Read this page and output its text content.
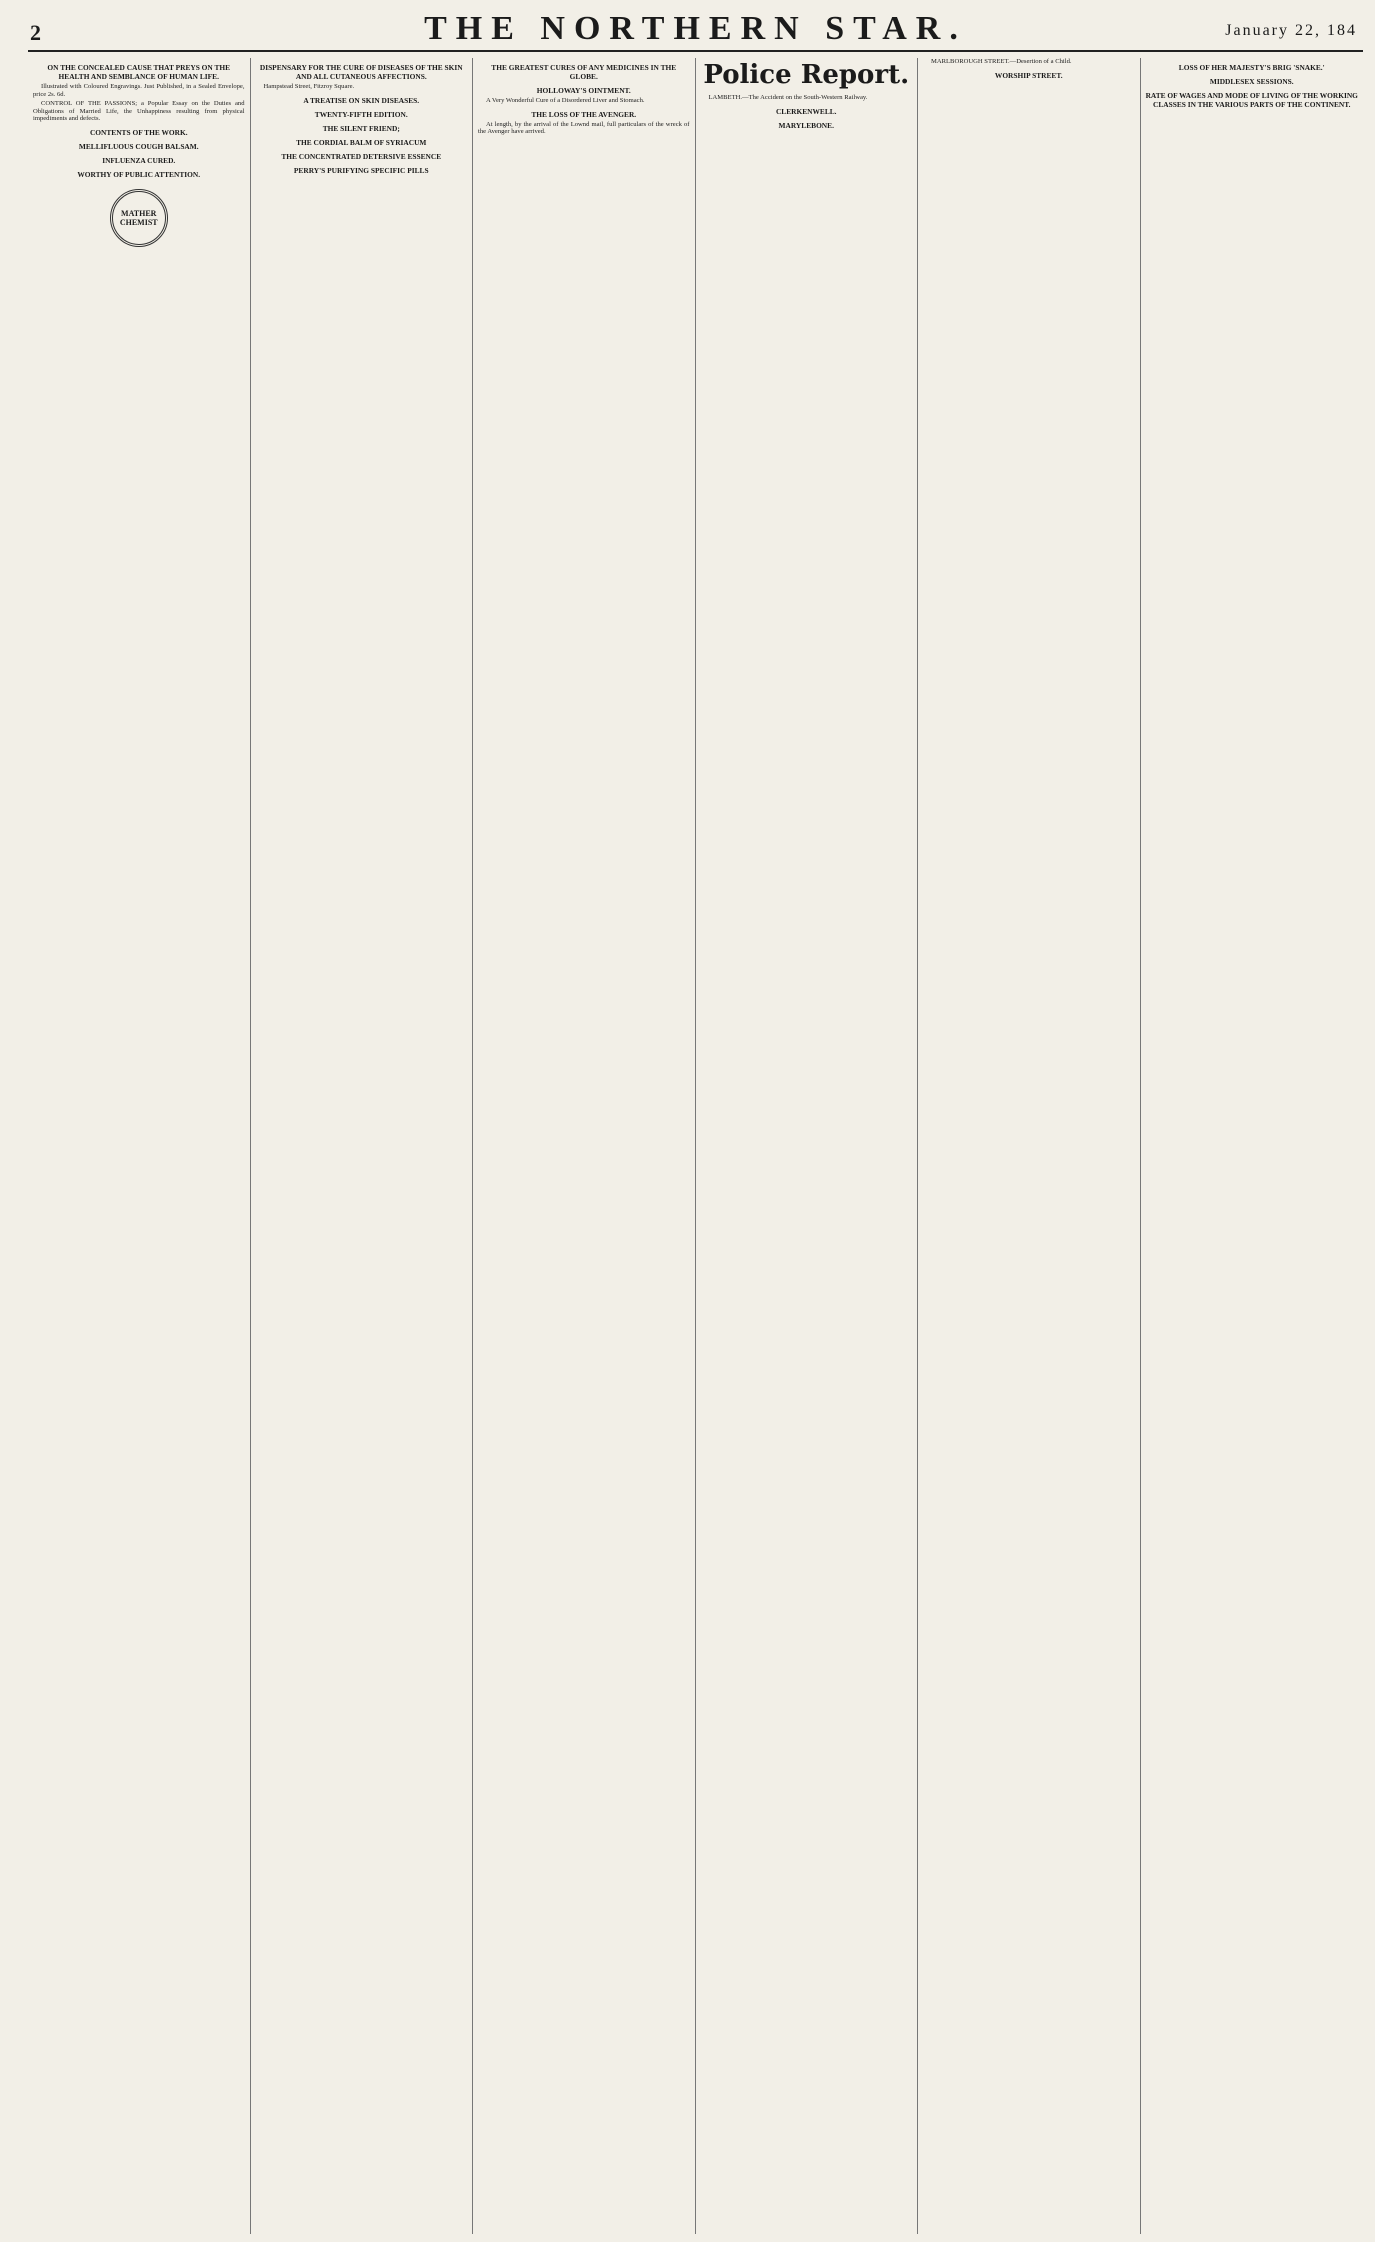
2	THE NORTHERN STAR.	January 22, 184
ON THE CONCEALED CAUSE THAT PREYS ON THE HEALTH AND SEMBLANCE OF HUMAN LIFE.

Illustrated with Coloured Engravings. Just Published, in a Sealed Envelope, price 2s. 6d.

CONTROL OF THE PASSIONS; a Popular Essay on the Duties and Obligations of Married Life, the Unhappiness resulting from physical impediments and defects.

CONTENTS OF THE WORK.
MELLIFLUOUS COUGH BALSAM.
INFLUENZA CURED.
WORTHY OF PUBLIC ATTENTION.
MATHER CHEMIST
DISPENSARY FOR THE CURE OF DISEASES OF THE SKIN AND ALL CUTANEOUS AFFECTIONS.

Hampstead Street, Fitzroy Square.

A TREATISE ON SKIN DISEASES.
TWENTY-FIFTH EDITION.
THE SILENT FRIEND;
THE CORDIAL BALM OF SYRIACUM
THE CONCENTRATED DETERSIVE ESSENCE
PERRY'S PURIFYING SPECIFIC PILLS
THE GREATEST CURES OF ANY MEDICINES IN THE GLOBE.
HOLLOWAY'S OINTMENT.

A Very Wonderful Cure of a Disordered Liver and Stomach.

THE LOSS OF THE AVENGER.

At length, by the arrival of the Lownd mail, full particulars of the wreck of the Avenger have arrived.

Police Report.

LAMBETH.—The Accident on the South-Western Railway.

CLERKENWELL.
MARYLEBONE.

MARLBOROUGH STREET.—Desertion of a Child.

WORSHIP STREET.
LOSS OF HER MAJESTY'S BRIG 'SNAKE.'
MIDDLESEX SESSIONS.
RATE OF WAGES AND MODE OF LIVING OF THE WORKING CLASSES IN THE VARIOUS PARTS OF THE CONTINENT.
